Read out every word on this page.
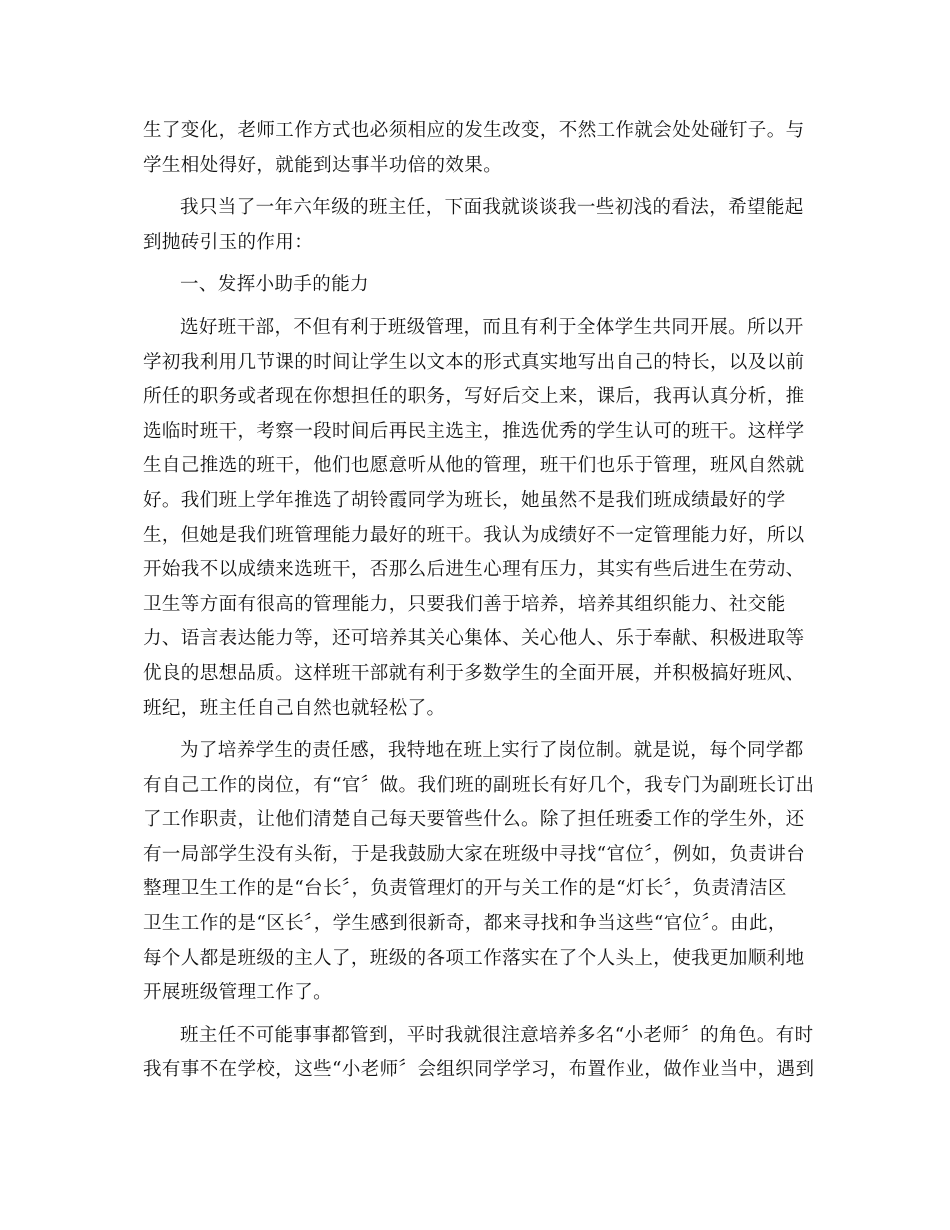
生了变化，老师工作方式也必须相应的发生改变，不然工作就会处处碰钉子。与
学生相处得好，就能到达事半功倍的效果。
我只当了一年六年级的班主任，下面我就谈谈我一些初浅的看法，希望能起
到抛砖引玉的作用：
一、发挥小助手的能力
选好班干部，不但有利于班级管理，而且有利于全体学生共同开展。所以开
学初我利用几节课的时间让学生以文本的形式真实地写出自己的特长，以及以前
所任的职务或者现在你想担任的职务，写好后交上来，课后，我再认真分析，推
选临时班干，考察一段时间后再民主选主，推选优秀的学生认可的班干。这样学
生自己推选的班干，他们也愿意听从他的管理，班干们也乐于管理，班风自然就
好。我们班上学年推选了胡铃霞同学为班长，她虽然不是我们班成绩最好的学
生，但她是我们班管理能力最好的班干。我认为成绩好不一定管理能力好，所以
开始我不以成绩来选班干，否那么后进生心理有压力，其实有些后进生在劳动、
卫生等方面有很高的管理能力，只要我们善于培养，培养其组织能力、社交能
力、语言表达能力等，还可培养其关心集体、关心他人、乐于奉献、积极进取等
优良的思想品质。这样班干部就有利于多数学生的全面开展，并积极搞好班风、
班纪，班主任自己自然也就轻松了。
为了培养学生的责任感，我特地在班上实行了岗位制。就是说，每个同学都
有自己工作的岗位，有“官〞做。我们班的副班长有好几个，我专门为副班长订出
了工作职责，让他们清楚自己每天要管些什么。除了担任班委工作的学生外，还
有一局部学生没有头衔，于是我鼓励大家在班级中寻找“官位〞，例如，负责讲台
整理卫生工作的是“台长〞，负责管理灯的开与关工作的是“灯长〞，负责清洁区
卫生工作的是“区长〞，学生感到很新奇，都来寻找和争当这些“官位〞。由此，
每个人都是班级的主人了，班级的各项工作落实在了个人头上，使我更加顺利地
开展班级管理工作了。
班主任不可能事事都管到，平时我就很注意培养多名“小老师〞的角色。有时
我有事不在学校，这些“小老师〞会组织同学学习，布置作业，做作业当中，遇到
